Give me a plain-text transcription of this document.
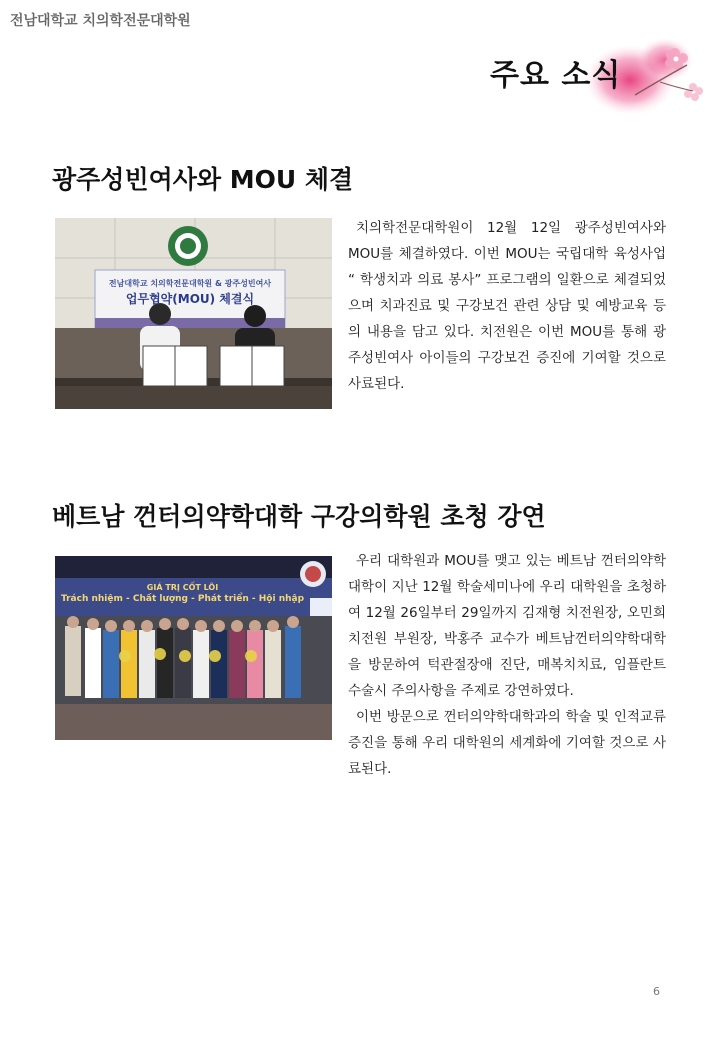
전남대학교 치의학전문대학원
주요 소식
광주성빈여사와 MOU 체결
전남대학교 치의학전문대학원 & 광주성빈여사
업무협약(MOU) 체결식

치의학전문대학원이 12월 12일 광주성빈여사와 MOU를 체결하였다. 이번 MOU는 국립대학 육성사업 “ 학생치과 의료 봉사” 프로그램의 일환으로 체결되었으며 치과진료 및 구강보건 관련 상담 및 예방교육 등의 내용을 담고 있다. 치전원은 이번 MOU를 통해 광주성빈여사 아이들의 구강보건 증진에 기여할 것으로 사료된다.

베트남 껀터의약학대학 구강의학원 초청 강연
GIÁ TRỊ CỐT LÕI
Trách nhiệm - Chất lượng - Phát triển - Hội nhập

우리 대학원과 MOU를 맺고 있는 베트남 껀터의약학대학이 지난 12월 학술세미나에 우리 대학원을 초청하여 12월 26일부터 29일까지 김재형 치전원장, 오민희 치전원 부원장, 박홍주 교수가 베트남껀터의약학대학을 방문하여 턱관절장애 진단, 매복치치료, 임플란트 수술시 주의사항을 주제로 강연하였다.

이번 방문으로 껀터의약학대학과의 학술 및 인적교류 증진을 통해 우리 대학원의 세계화에 기여할 것으로 사료된다.

6
